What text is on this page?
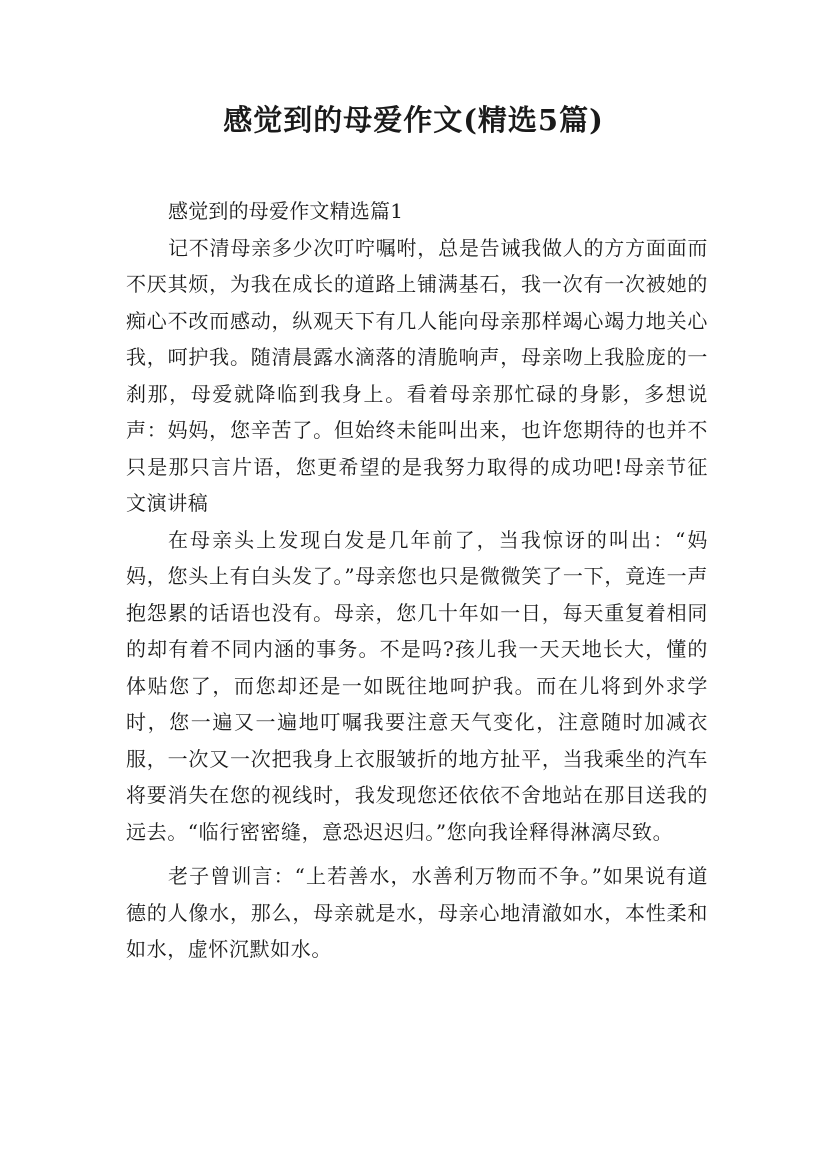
感觉到的母爱作文(精选5篇)

感觉到的母爱作文精选篇1

记不清母亲多少次叮咛嘱咐，总是告诫我做人的方方面面而不厌其烦，为我在成长的道路上铺满基石，我一次有一次被她的痴心不改而感动，纵观天下有几人能向母亲那样竭心竭力地关心我，呵护我。随清晨露水滴落的清脆响声，母亲吻上我脸庞的一刹那，母爱就降临到我身上。看着母亲那忙碌的身影，多想说声：妈妈，您辛苦了。但始终未能叫出来，也许您期待的也并不只是那只言片语，您更希望的是我努力取得的成功吧!母亲节征文演讲稿

在母亲头上发现白发是几年前了，当我惊讶的叫出：“妈妈，您头上有白头发了。”母亲您也只是微微笑了一下，竟连一声抱怨累的话语也没有。母亲，您几十年如一日，每天重复着相同的却有着不同内涵的事务。不是吗?孩儿我一天天地长大，懂的体贴您了，而您却还是一如既往地呵护我。而在儿将到外求学时，您一遍又一遍地叮嘱我要注意天气变化，注意随时加减衣服，一次又一次把我身上衣服皱折的地方扯平，当我乘坐的汽车将要消失在您的视线时，我发现您还依依不舍地站在那目送我的远去。“临行密密缝，意恐迟迟归。”您向我诠释得淋漓尽致。

老子曾训言：“上若善水，水善利万物而不争。”如果说有道德的人像水，那么，母亲就是水，母亲心地清澈如水，本性柔和如水，虚怀沉默如水。
